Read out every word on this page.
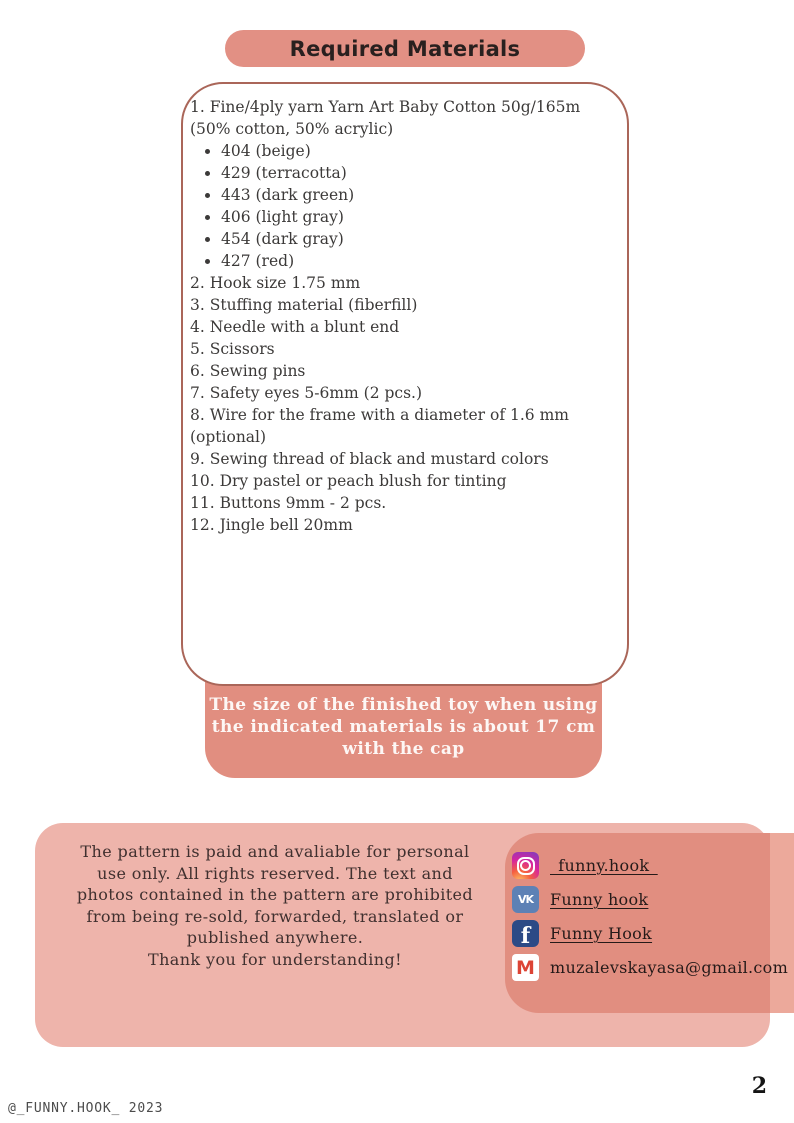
Required Materials
The size of the finished toy when using
the indicated materials is about 17 cm
with the cap
1. Fine/4ply yarn Yarn Art Baby Cotton 50g/165m (50% cotton, 50% acrylic)
• 404 (beige)
• 429 (terracotta)
• 443 (dark green)
• 406 (light gray)
• 454 (dark gray)
• 427 (red)
2. Hook size 1.75 mm
3. Stuffing material (fiberfill)
4. Needle with a blunt end
5. Scissors
6. Sewing pins
7. Safety eyes 5-6mm (2 pcs.)
8. Wire for the frame with a diameter of 1.6 mm (optional)
9. Sewing thread of black and mustard colors
10. Dry pastel or peach blush for tinting
11. Buttons 9mm - 2 pcs.
12. Jingle bell 20mm
The pattern is paid and avaliable for personal
use only. All rights reserved. The text and
photos contained in the pattern are prohibited
from being re-sold, forwarded, translated or
published anywhere.
Thank you for understanding!
_funny.hook_
VK
Funny hook
f
Funny Hook
M
muzalevskayasa@gmail.com
@_FUNNY.HOOK_ 2023
2
